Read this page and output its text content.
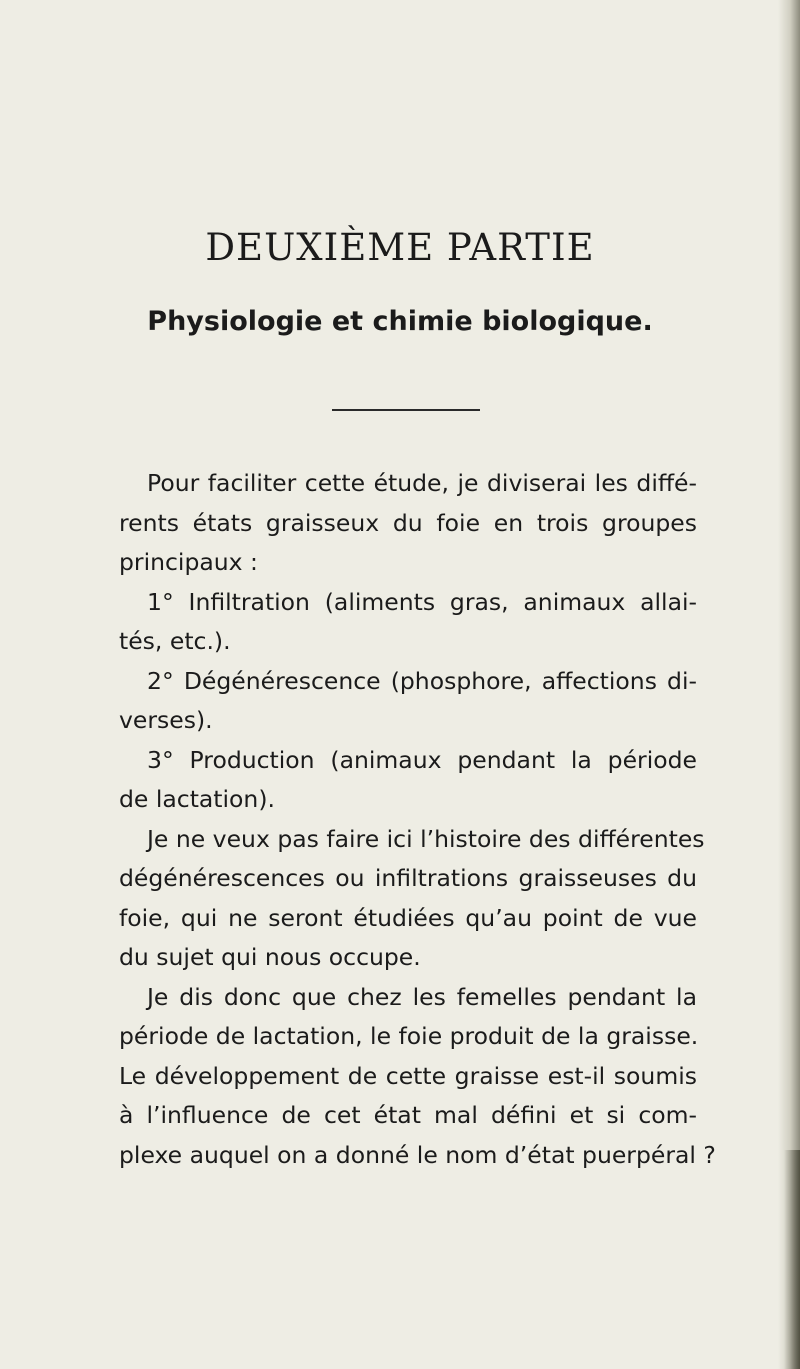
DEUXIÈME PARTIE
Physiologie et chimie biologique.
Pour faciliter cette étude, je diviserai les diffé-
rents états graisseux du foie en trois groupes
principaux :
1° Infiltration (aliments gras, animaux allai-
tés, etc.).
2° Dégénérescence (phosphore, affections di-
verses).
3° Production (animaux pendant la période
de lactation).
Je ne veux pas faire ici l’histoire des différentes
dégénérescences ou infiltrations graisseuses du
foie, qui ne seront étudiées qu’au point de vue
du sujet qui nous occupe.
Je dis donc que chez les femelles pendant la
période de lactation, le foie produit de la graisse.
Le développement de cette graisse est-il soumis
à l’influence de cet état mal défini et si com-
plexe auquel on a donné le nom d’état puerpéral ?
